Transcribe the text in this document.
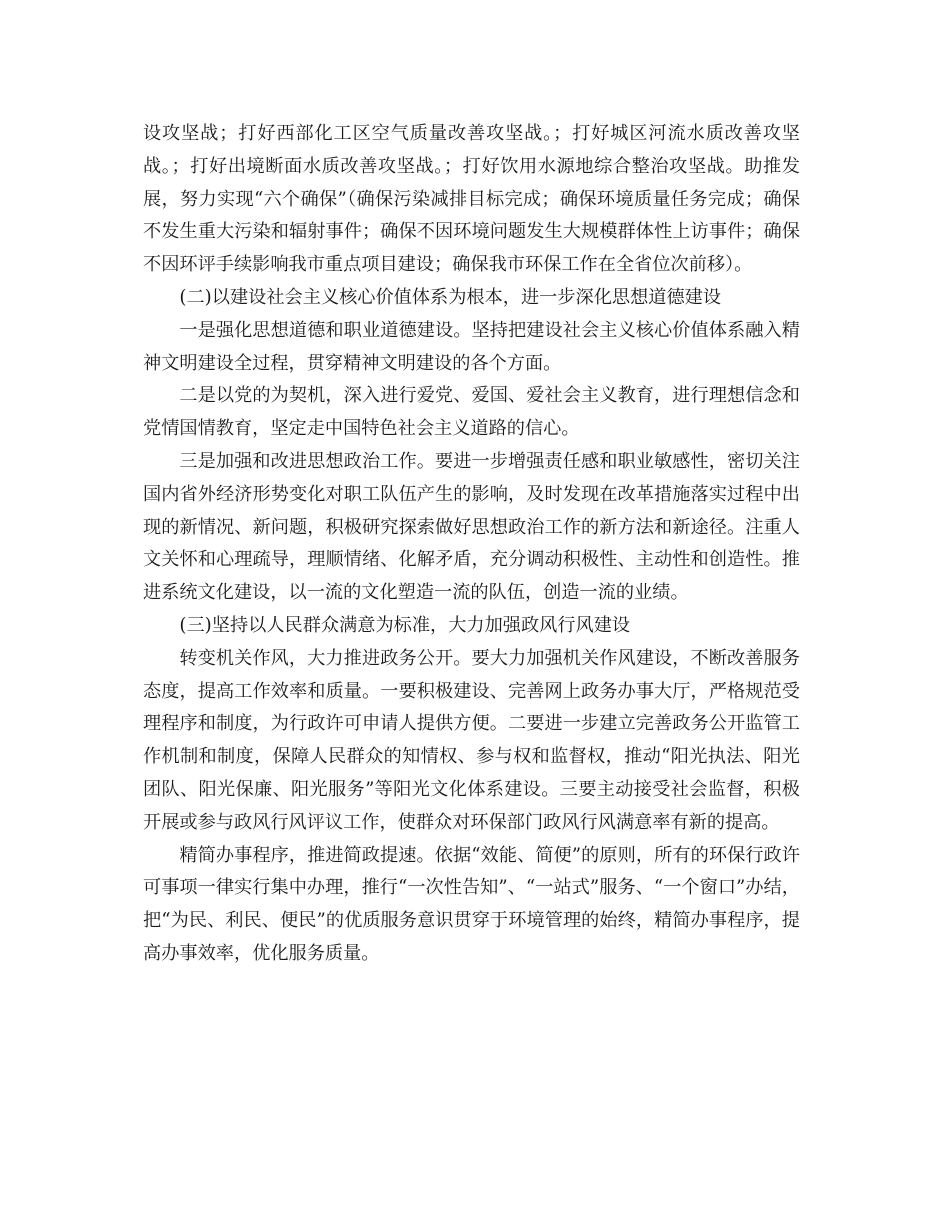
设攻坚战；打好西部化工区空气质量改善攻坚战。；打好城区河流水质改善攻坚战。；打好出境断面水质改善攻坚战。；打好饮用水源地综合整治攻坚战。助推发展，努力实现“六个确保”（确保污染减排目标完成；确保环境质量任务完成；确保不发生重大污染和辐射事件；确保不因环境问题发生大规模群体性上访事件；确保不因环评手续影响我市重点项目建设；确保我市环保工作在全省位次前移）。

(二)以建设社会主义核心价值体系为根本，进一步深化思想道德建设

一是强化思想道德和职业道德建设。坚持把建设社会主义核心价值体系融入精神文明建设全过程，贯穿精神文明建设的各个方面。

二是以党的为契机，深入进行爱党、爱国、爱社会主义教育，进行理想信念和党情国情教育，坚定走中国特色社会主义道路的信心。

三是加强和改进思想政治工作。要进一步增强责任感和职业敏感性，密切关注国内省外经济形势变化对职工队伍产生的影响，及时发现在改革措施落实过程中出现的新情况、新问题，积极研究探索做好思想政治工作的新方法和新途径。注重人文关怀和心理疏导，理顺情绪、化解矛盾，充分调动积极性、主动性和创造性。推进系统文化建设，以一流的文化塑造一流的队伍，创造一流的业绩。

(三)坚持以人民群众满意为标准，大力加强政风行风建设

转变机关作风，大力推进政务公开。要大力加强机关作风建设，不断改善服务态度，提高工作效率和质量。一要积极建设、完善网上政务办事大厅，严格规范受理程序和制度，为行政许可申请人提供方便。二要进一步建立完善政务公开监管工作机制和制度，保障人民群众的知情权、参与权和监督权，推动“阳光执法、阳光团队、阳光保廉、阳光服务”等阳光文化体系建设。三要主动接受社会监督，积极开展或参与政风行风评议工作，使群众对环保部门政风行风满意率有新的提高。

精简办事程序，推进简政提速。依据“效能、简便”的原则，所有的环保行政许可事项一律实行集中办理，推行“一次性告知”、“一站式”服务、“一个窗口”办结，把“为民、利民、便民”的优质服务意识贯穿于环境管理的始终，精简办事程序，提高办事效率，优化服务质量。
